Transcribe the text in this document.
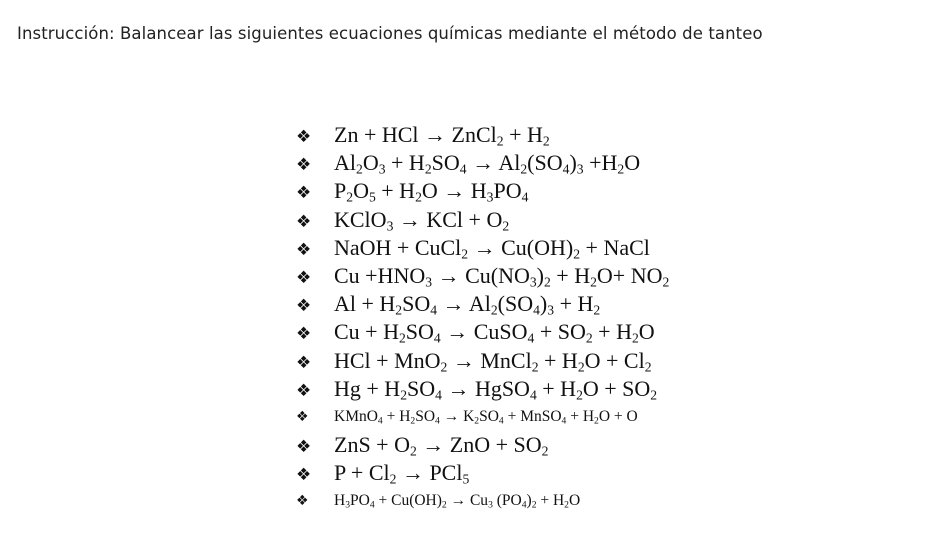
Instrucción: Balancear las siguientes ecuaciones químicas mediante el método de tanteo
❖	Zn + HCl → ZnCl$_2$ + $H_2$
❖	$Al_2O_3 + H_2SO_4 \to Al_2(SO_4)_3 +H_2O$
❖	$P_2O_5 + H_2O \to H_3PO_4$
❖	KClO$_3$ → KCl + $O_2$
❖	NaOH + CuCl$_2$ → $Cu(OH)_2$ + NaCl
❖	$Cu +HNO_3 \to Cu(NO_3)_2 + H_2O+ NO_2$
❖	$Al + H_2SO_4 \to Al_2(SO_4)_3 + H_2$
❖	$Cu + H_2SO_4$ → CuSO$_4$ + $SO_2 + H_2O$
❖	HCl + MnO$_2$ → MnCl$_2$ + $H_2O + Cl_2$
❖	$Hg + H_2SO_4$ → HgSO$_4$ + $H_2O + SO_2$
❖	KMnO$_4$ + $H_2SO_4 \to K_2SO_4$ + MnSO$_4$ + $H_2O + O$
❖	ZnS + $O_2$ → ZnO + $SO_2$
❖	$P + Cl_2 \to PCl_5$
❖	$H_3PO_4 + Cu(OH)_2 \to Cu_3$ $(PO_4)_2 + H_2O$
